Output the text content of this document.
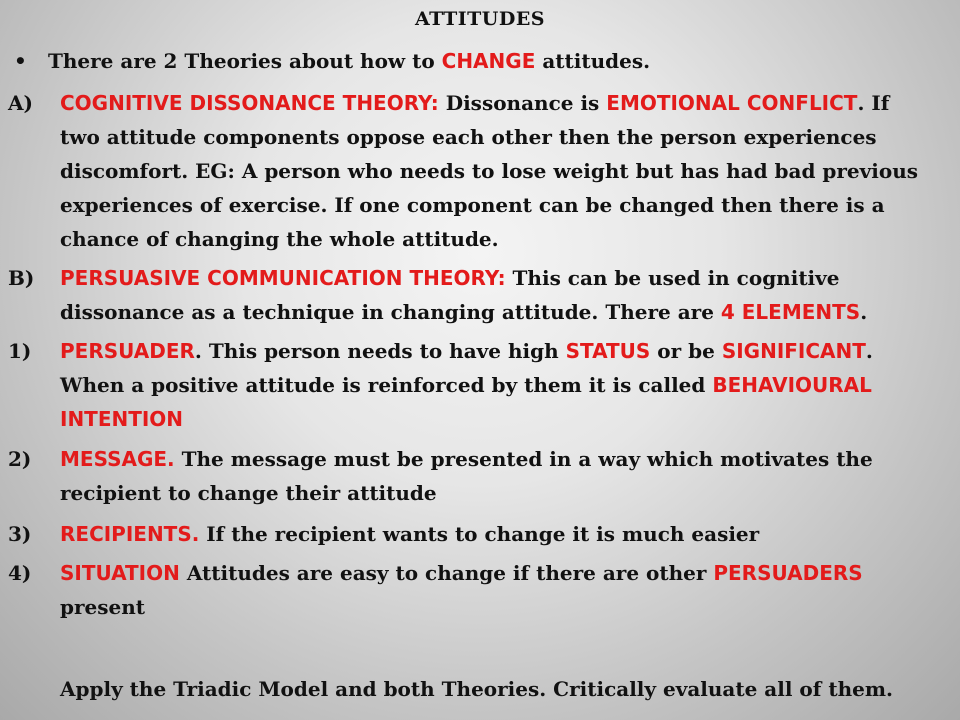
ATTITUDES
• There are 2 Theories about how to CHANGE attitudes.
A) COGNITIVE DISSONANCE THEORY: Dissonance is EMOTIONAL CONFLICT. If two attitude components oppose each other then the person experiences discomfort. EG: A person who needs to lose weight but has had bad previous experiences of exercise. If one component can be changed then there is a chance of changing the whole attitude.
B) PERSUASIVE COMMUNICATION THEORY: This can be used in cognitive dissonance as a technique in changing attitude. There are 4 ELEMENTS.
1) PERSUADER. This person needs to have high STATUS or be SIGNIFICANT. When a positive attitude is reinforced by them it is called BEHAVIOURAL INTENTION
2) MESSAGE. The message must be presented in a way which motivates the recipient to change their attitude
3) RECIPIENTS. If the recipient wants to change it is much easier
4) SITUATION Attitudes are easy to change if there are other PERSUADERS present
Apply the Triadic Model and both Theories. Critically evaluate all of them.
